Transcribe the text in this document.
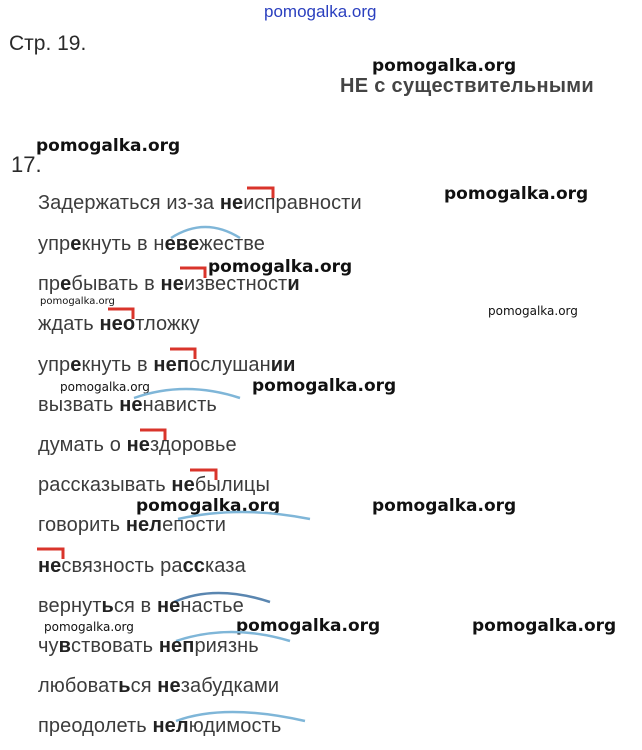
pomogalka.org
Стр. 19.
НЕ с существительными
17.
pomogalka.org
pomogalka.org
pomogalka.org
pomogalka.org
pomogalka.org
pomogalka.org
pomogalka.org	pomogalka.org
pomogalka.org	pomogalka.org
pomogalka.org	pomogalka.org	pomogalka.org
Задержаться из-за неисправности
упрекнуть в невежестве
пребывать в неизвестности
ждать неотложку
упрекнуть в непослушании
вызвать ненависть
думать о нездоровье
рассказывать небылицы
говорить нелепости
несвязность рассказа
вернуться в ненастье
чувствовать неприязнь
любоваться незабудками
преодолеть нелюдимость
